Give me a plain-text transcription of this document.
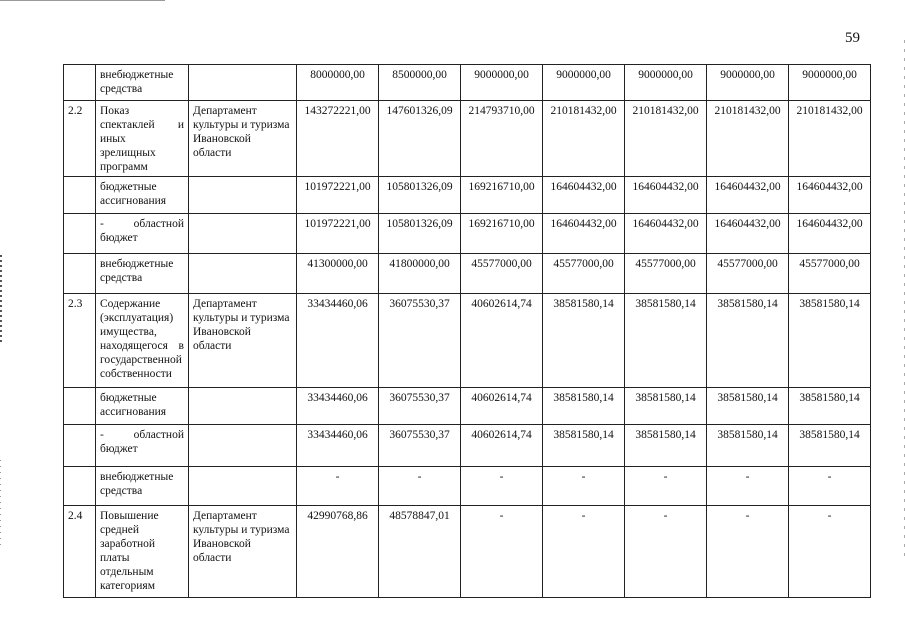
59
	внебюджетные средства		8000000,00	8500000,00	9000000,00	9000000,00	9000000,00	9000000,00	9000000,00
2.2	Показ спектаклей и иных зрелищных программ	Департамент культуры и туризма Ивановской области	143272221,00	147601326,09	214793710,00	210181432,00	210181432,00	210181432,00	210181432,00
	бюджетные ассигнования		101972221,00	105801326,09	169216710,00	164604432,00	164604432,00	164604432,00	164604432,00
	- областной бюджет		101972221,00	105801326,09	169216710,00	164604432,00	164604432,00	164604432,00	164604432,00
	внебюджетные средства		41300000,00	41800000,00	45577000,00	45577000,00	45577000,00	45577000,00	45577000,00
2.3	Содержание (эксплуатация) имущества, находящегося в государственной собственности	Департамент культуры и туризма Ивановской области	33434460,06	36075530,37	40602614,74	38581580,14	38581580,14	38581580,14	38581580,14
	бюджетные ассигнования		33434460,06	36075530,37	40602614,74	38581580,14	38581580,14	38581580,14	38581580,14
	- областной бюджет		33434460,06	36075530,37	40602614,74	38581580,14	38581580,14	38581580,14	38581580,14
	внебюджетные средства		-	-	-	-	-	-	-
2.4	Повышение средней заработной платы отдельным категориям	Департамент культуры и туризма Ивановской области	42990768,86	48578847,01	-	-	-	-	-
